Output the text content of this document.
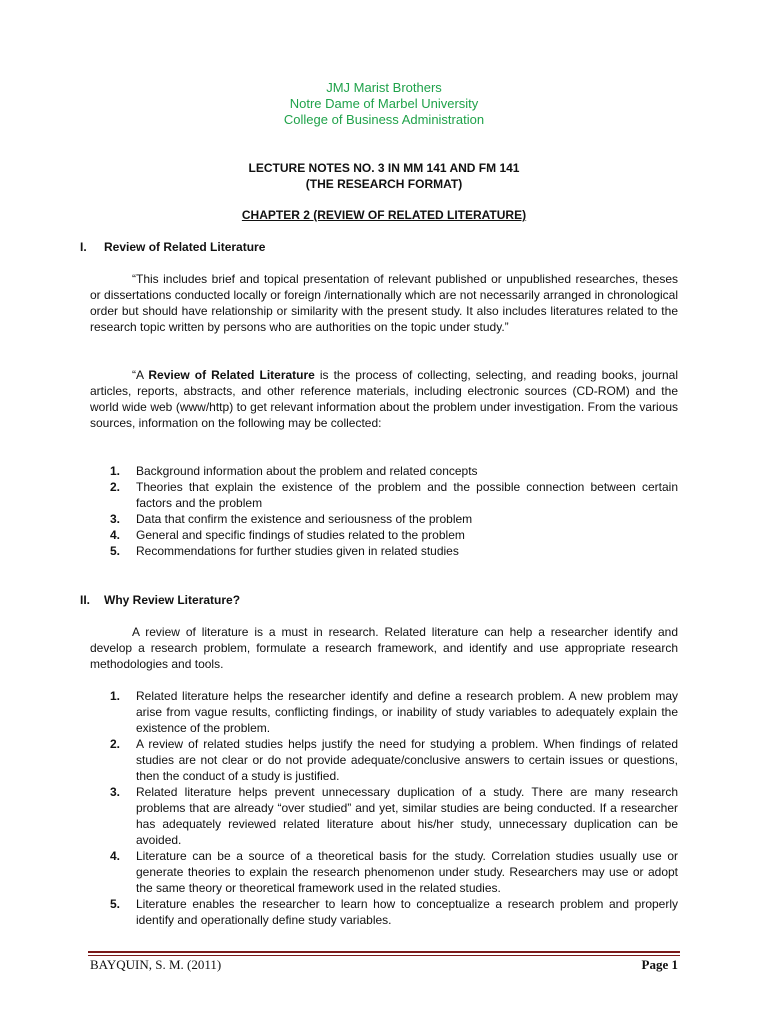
JMJ Marist Brothers
Notre Dame of Marbel University
College of Business Administration
LECTURE NOTES NO. 3 IN MM 141 AND FM 141
(THE RESEARCH FORMAT)
CHAPTER 2 (REVIEW OF RELATED LITERATURE)
I. Review of Related Literature
“This includes brief and topical presentation of relevant published or unpublished researches, theses or dissertations conducted locally or foreign /internationally which are not necessarily arranged in chronological order but should have relationship or similarity with the present study. It also includes literatures related to the research topic written by persons who are authorities on the topic under study.”
“A Review of Related Literature is the process of collecting, selecting, and reading books, journal articles, reports, abstracts, and other reference materials, including electronic sources (CD-ROM) and the world wide web (www/http) to get relevant information about the problem under investigation. From the various sources, information on the following may be collected:
1.	Background information about the problem and related concepts
2.	Theories that explain the existence of the problem and the possible connection between certain factors and the problem
3.	Data that confirm the existence and seriousness of the problem
4.	General and specific findings of studies related to the problem
5.	Recommendations for further studies given in related studies
II. Why Review Literature?
A review of literature is a must in research. Related literature can help a researcher identify and develop a research problem, formulate a research framework, and identify and use appropriate research methodologies and tools.
1.	Related literature helps the researcher identify and define a research problem. A new problem may arise from vague results, conflicting findings, or inability of study variables to adequately explain the existence of the problem.
2.	A review of related studies helps justify the need for studying a problem. When findings of related studies are not clear or do not provide adequate/conclusive answers to certain issues or questions, then the conduct of a study is justified.
3.	Related literature helps prevent unnecessary duplication of a study. There are many research problems that are already “over studied” and yet, similar studies are being conducted. If a researcher has adequately reviewed related literature about his/her study, unnecessary duplication can be avoided.
4.	Literature can be a source of a theoretical basis for the study. Correlation studies usually use or generate theories to explain the research phenomenon under study. Researchers may use or adopt the same theory or theoretical framework used in the related studies.
5.	Literature enables the researcher to learn how to conceptualize a research problem and properly identify and operationally define study variables.
BAYQUIN, S. M. (2011)	Page 1
